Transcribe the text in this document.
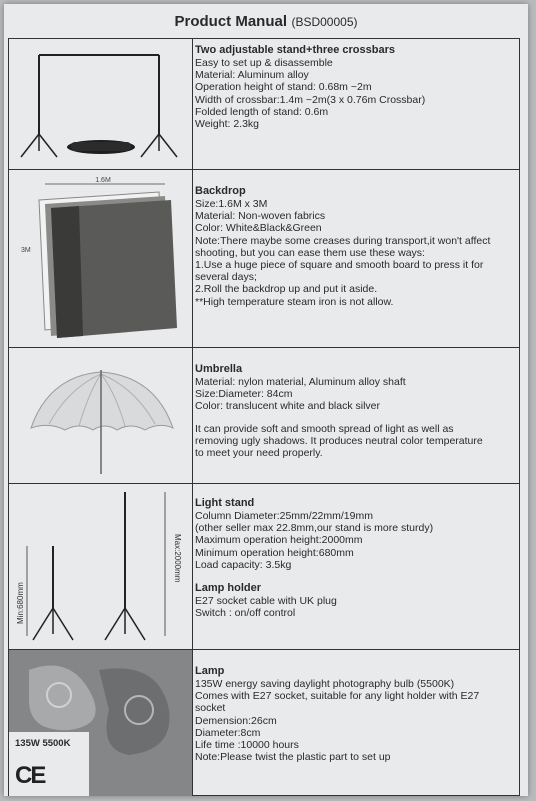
Product Manual (BSD00005)
Two adjustable stand+three crossbars
Easy to set up & disassemble
Material: Aluminum alloy
Operation height of stand: 0.68m ~2m
Width of crossbar:1.4m ~2m(3 x 0.76m Crossbar)
Folded length of stand: 0.6m
Weight: 2.3kg
1.6M
3M
Backdrop
Size:1.6M x 3M
Material: Non-woven fabrics
Color: White&Black&Green
Note:There maybe some creases during transport,it won't affect
shooting, but you can ease them use these ways:
1.Use a huge piece of square and smooth board to press it for
several days;
2.Roll the backdrop up and put it aside.
**High temperature steam iron is not allow.
Umbrella
Material: nylon material, Aluminum alloy shaft
Size:Diameter: 84cm
Color: translucent white and black silver
It can provide soft and smooth spread of light as well as
removing ugly shadows. It produces neutral color temperature
to meet your need properly.
Min:680mm
Max:2000mm
Light stand
Column Diameter:25mm/22mm/19mm
(other seller max 22.8mm,our stand is more sturdy)
Maximum operation height:2000mm
Minimum operation height:680mm
Load capacity: 3.5kg
Lamp holder
E27 socket cable with UK plug
Switch : on/off control
135W 5500K
CE
Lamp
135W energy saving daylight photography bulb (5500K)
Comes with E27 socket, suitable for any light holder with E27
socket
Demension:26cm
Diameter:8cm
Life time :10000 hours
Note:Please twist the plastic part to set up
